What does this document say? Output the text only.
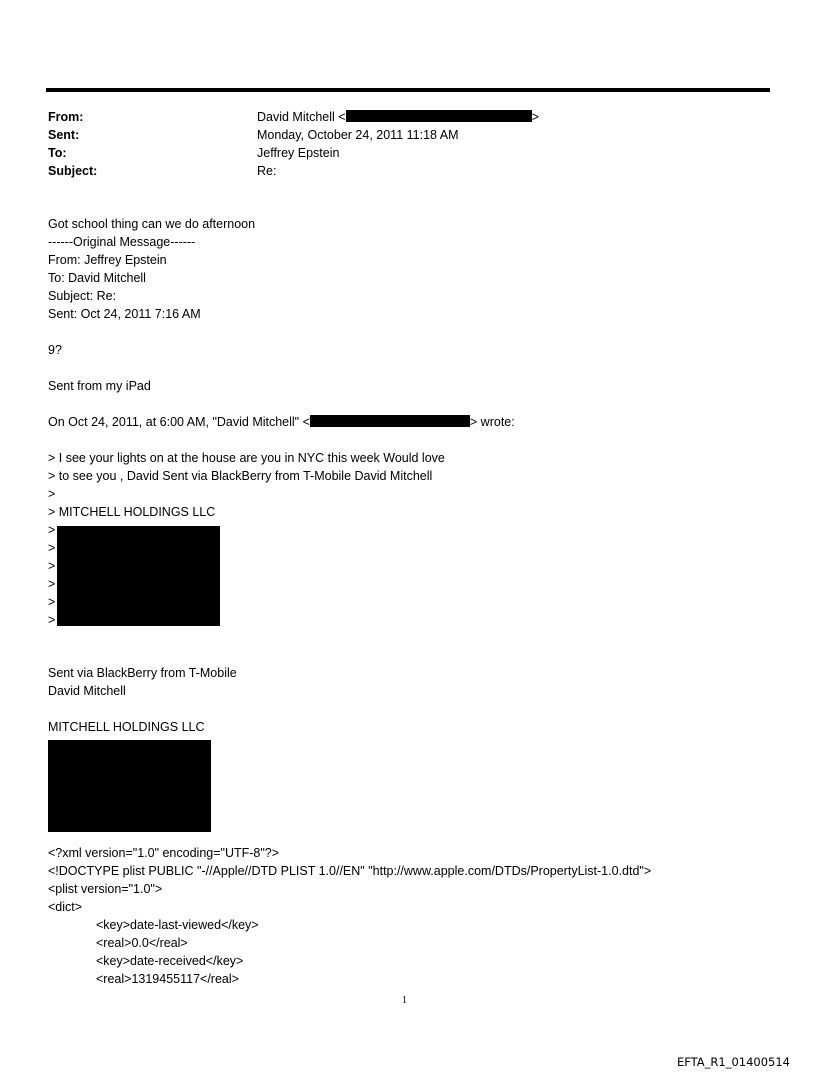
From:	David Mitchell <	>
Sent:	Monday, October 24, 2011 11:18 AM
To:	Jeffrey Epstein
Subject:	Re:
Got school thing can we do afternoon
------Original Message------
From: Jeffrey Epstein
To: David Mitchell
Subject: Re:
Sent: Oct 24, 2011 7:16 AM
9?
Sent from my iPad
On Oct 24, 2011, at 6:00 AM, "David Mitchell" <	> wrote:
> I see your lights on at the house are you in NYC this week Would love
> to see you , David Sent via BlackBerry from T-Mobile David Mitchell
>
> MITCHELL HOLDINGS LLC
>
>
>
>
>
>
Sent via BlackBerry from T-Mobile
David Mitchell
MITCHELL HOLDINGS LLC
<?xml version="1.0" encoding="UTF-8"?>
<!DOCTYPE plist PUBLIC "-//Apple//DTD PLIST 1.0//EN" "http://www.apple.com/DTDs/PropertyList-1.0.dtd">
<plist version="1.0">
<dict>
<key>date-last-viewed</key>
<real>0.0</real>
<key>date-received</key>
<real>1319455117</real>
1
EFTA_R1_01400514
